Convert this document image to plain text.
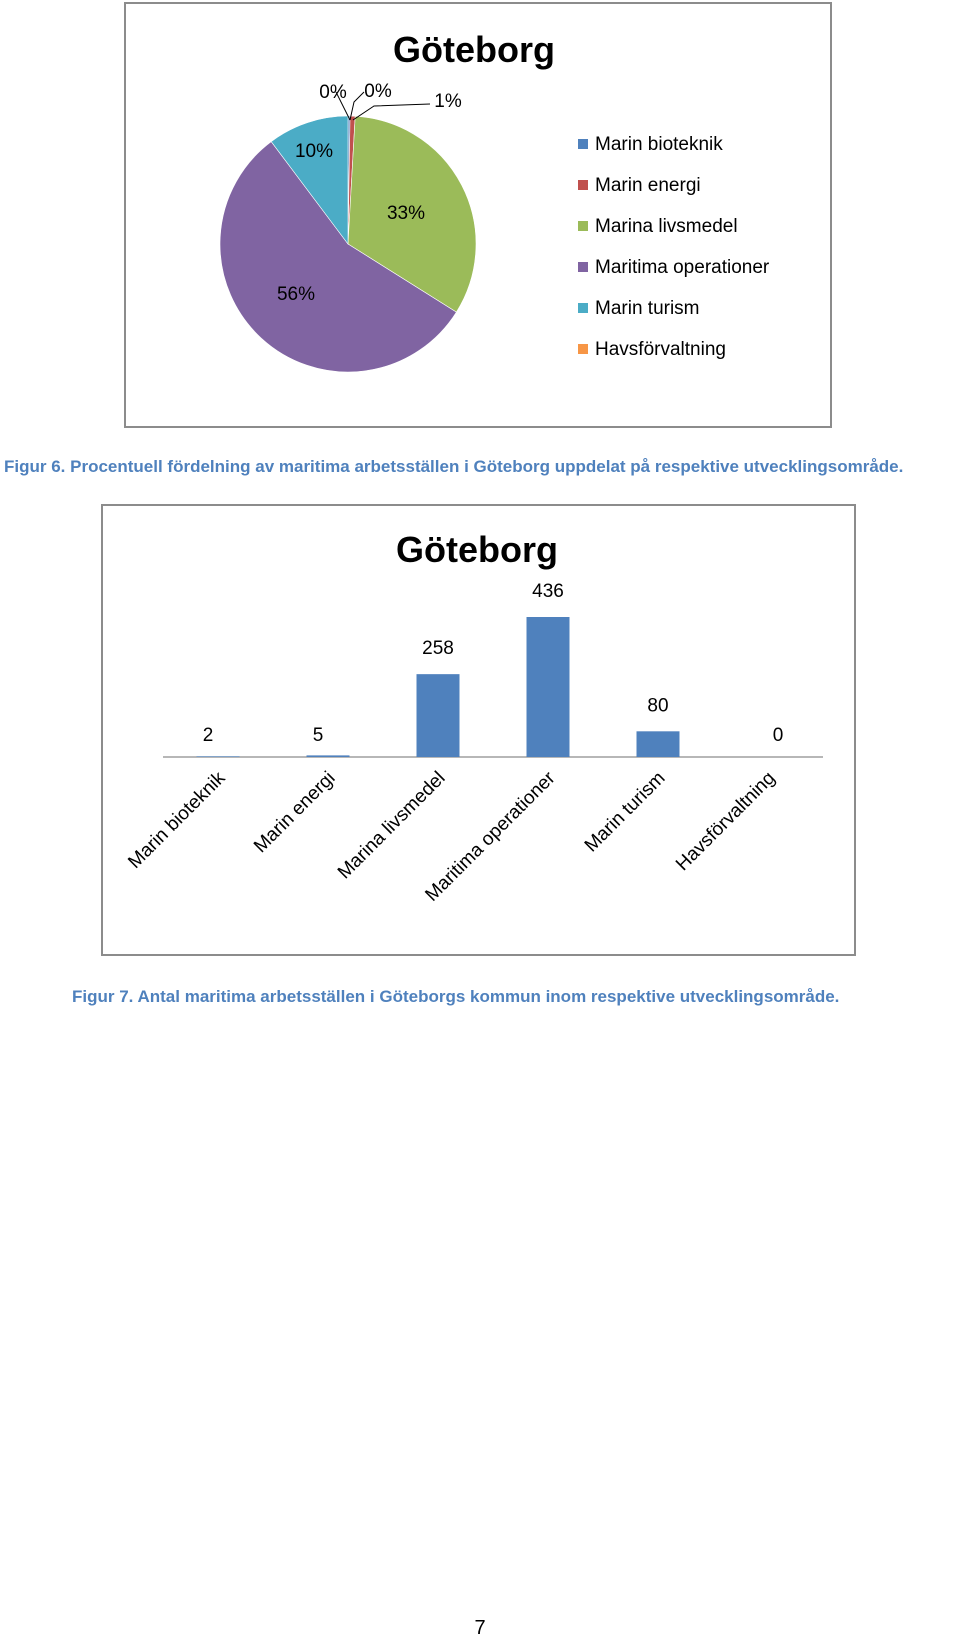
Göteborg
0% 0%
33%
56%
10%
1%
Marin bioteknik
Marin energi
Marina livsmedel
Maritima operationer
Marin turism
Havsförvaltning
Figur 6. Procentuell fördelning av maritima arbetsställen i Göteborg uppdelat på respektive utvecklingsområde.
Göteborg
2
Marin bioteknik
5
Marin energi
258
Marina livsmedel
436
Maritima operationer
80
Marin turism
0
Havsförvaltning
Figur 7. Antal maritima arbetsställen i Göteborgs kommun inom respektive utvecklingsområde.
7
